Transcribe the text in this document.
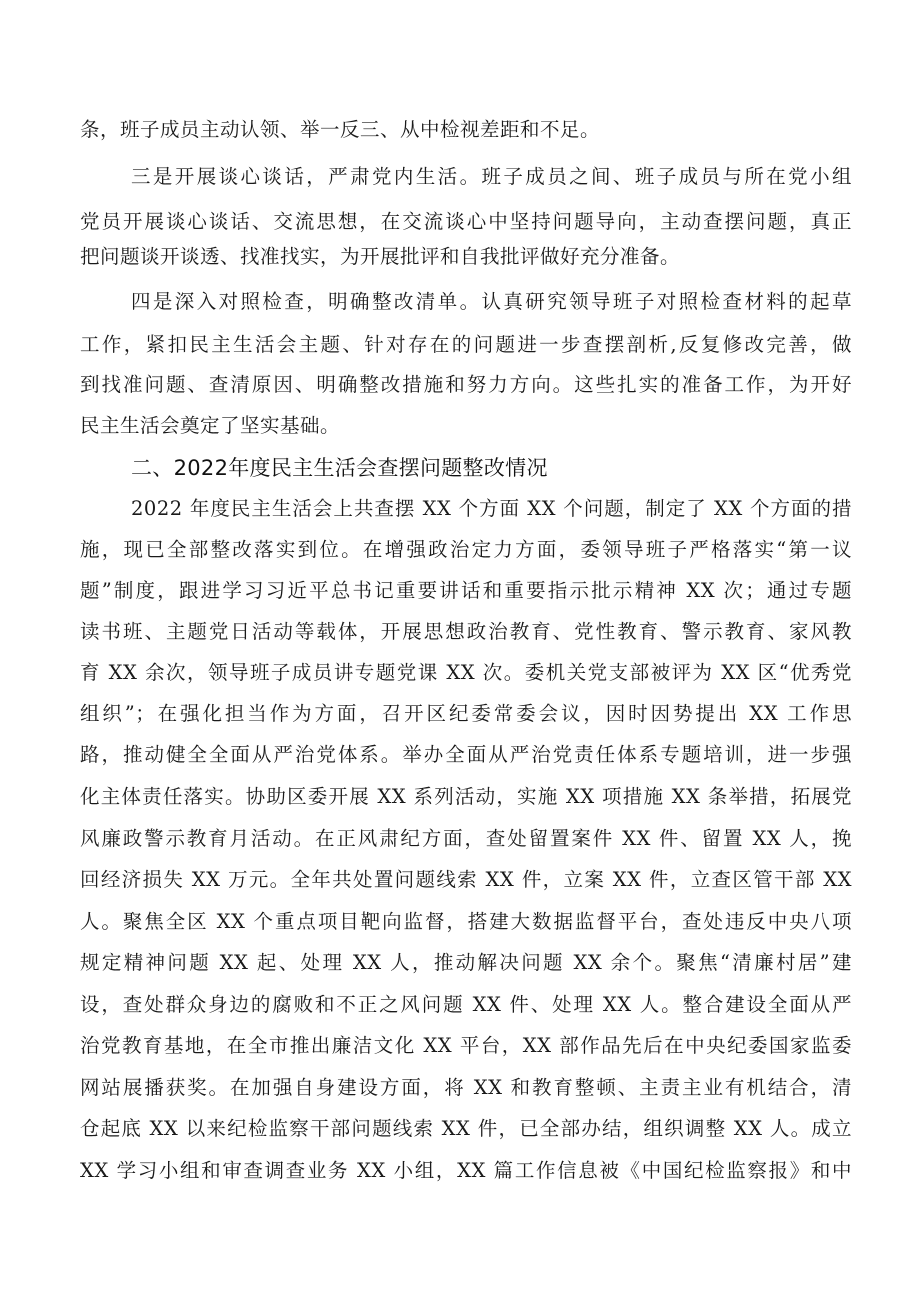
条，班子成员主动认领、举一反三、从中检视差距和不足。
三是开展谈心谈话，严肃党内生活。班子成员之间、班子成员与所在党小组
党员开展谈心谈话、交流思想，在交流谈心中坚持问题导向，主动查摆问题，真正
把问题谈开谈透、找准找实，为开展批评和自我批评做好充分准备。
四是深入对照检查，明确整改清单。认真研究领导班子对照检查材料的起草
工作，紧扣民主生活会主题、针对存在的问题进一步查摆剖析,反复修改完善，做
到找准问题、查清原因、明确整改措施和努力方向。这些扎实的准备工作，为开好
民主生活会奠定了坚实基础。
二、2022年度民主生活会查摆问题整改情况
2022 年度民主生活会上共查摆 XX 个方面 XX 个问题，制定了 XX 个方面的措
施，现已全部整改落实到位。在增强政治定力方面，委领导班子严格落实“第一议
题”制度，跟进学习习近平总书记重要讲话和重要指示批示精神 XX 次；通过专题
读书班、主题党日活动等载体，开展思想政治教育、党性教育、警示教育、家风教
育 XX 余次，领导班子成员讲专题党课 XX 次。委机关党支部被评为 XX 区“优秀党
组织”；在强化担当作为方面，召开区纪委常委会议，因时因势提出 XX 工作思
路，推动健全全面从严治党体系。举办全面从严治党责任体系专题培训，进一步强
化主体责任落实。协助区委开展 XX 系列活动，实施 XX 项措施 XX 条举措，拓展党
风廉政警示教育月活动。在正风肃纪方面，查处留置案件 XX 件、留置 XX 人，挽
回经济损失 XX 万元。全年共处置问题线索 XX 件，立案 XX 件，立查区管干部 XX
人。聚焦全区 XX 个重点项目靶向监督，搭建大数据监督平台，查处违反中央八项
规定精神问题 XX 起、处理 XX 人，推动解决问题 XX 余个。聚焦“清廉村居”建
设，查处群众身边的腐败和不正之风问题 XX 件、处理 XX 人。整合建设全面从严
治党教育基地，在全市推出廉洁文化 XX 平台，XX 部作品先后在中央纪委国家监委
网站展播获奖。在加强自身建设方面，将 XX 和教育整顿、主责主业有机结合，清
仓起底 XX 以来纪检监察干部问题线索 XX 件，已全部办结，组织调整 XX 人。成立
XX 学习小组和审查调查业务 XX 小组，XX 篇工作信息被《中国纪检监察报》和中
